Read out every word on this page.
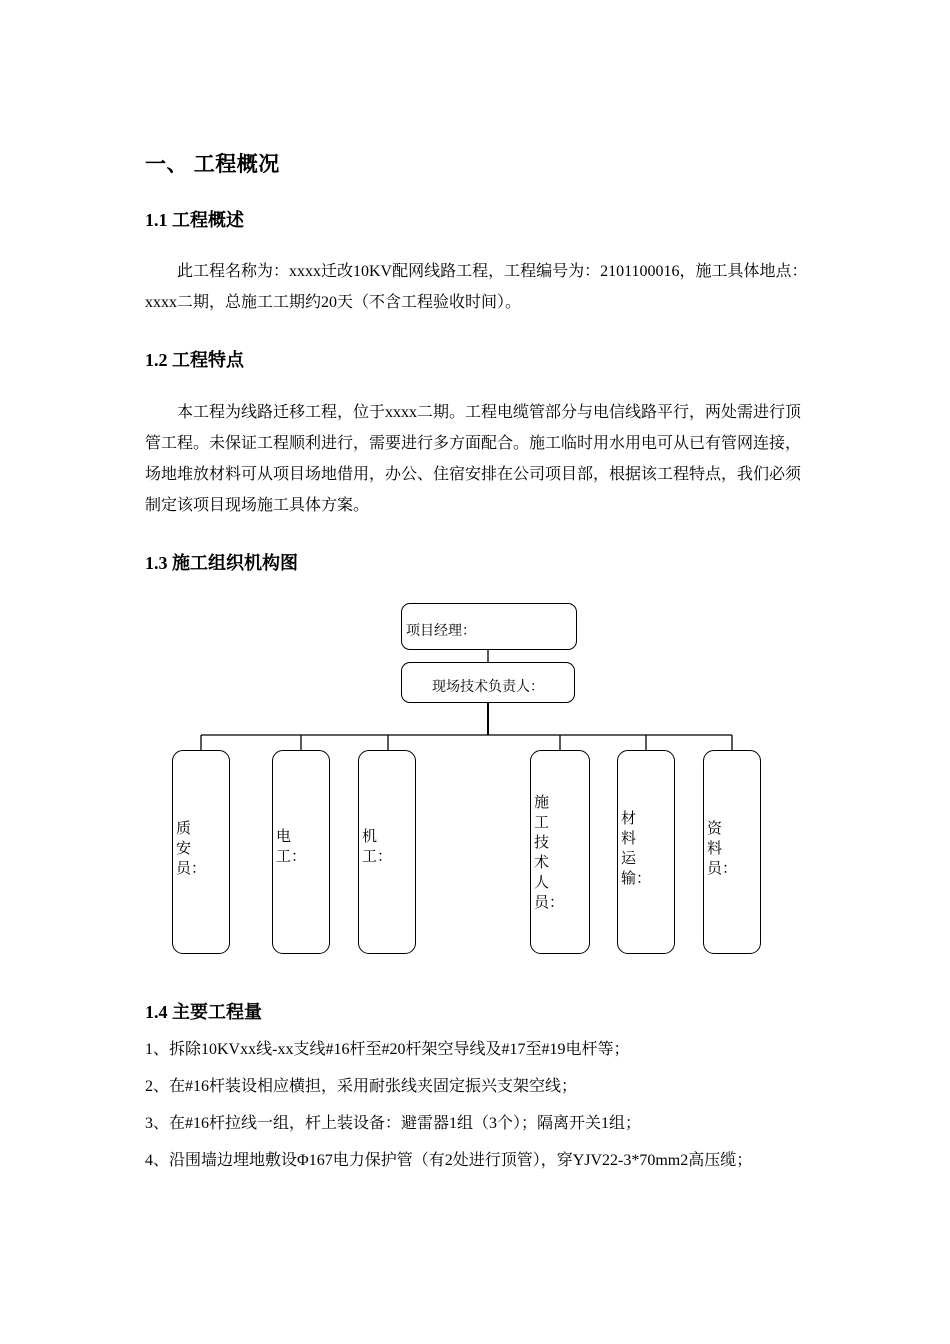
一、 工程概况
1.1 工程概述
此工程名称为：xxxx迁改10KV配网线路工程，工程编号为：2101100016，施工具体地点：xxxx二期，总施工工期约20天（不含工程验收时间）。
1.2 工程特点
本工程为线路迁移工程，位于xxxx二期。工程电缆管部分与电信线路平行，两处需进行顶管工程。未保证工程顺利进行，需要进行多方面配合。施工临时用水用电可从已有管网连接，场地堆放材料可从项目场地借用，办公、住宿安排在公司项目部，根据该工程特点，我们必须制定该项目现场施工具体方案。
1.3 施工组织机构图
项目经理：
现场技术负责人：
质安员：
电工：
机工：
施工技术人员：
材料运输：
资料员：
1.4 主要工程量
1、拆除10KVxx线-xx支线#16杆至#20杆架空导线及#17至#19电杆等；
2、在#16杆装设相应横担，采用耐张线夹固定振兴支架空线；
3、在#16杆拉线一组，杆上装设备：避雷器1组（3个）；隔离开关1组；
4、沿围墙边埋地敷设Φ167电力保护管（有2处进行顶管），穿YJV22-3*70mm2高压缆；
